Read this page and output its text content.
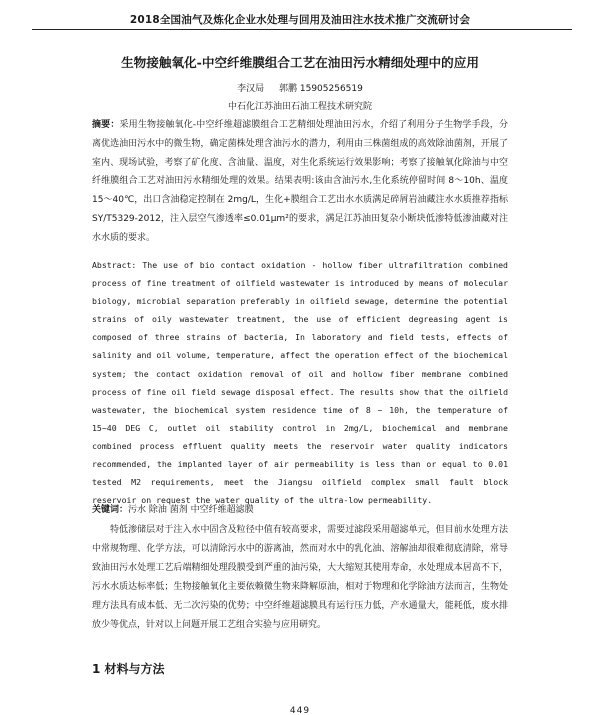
2018全国油气及炼化企业水处理与回用及油田注水技术推广交流研讨会
生物接触氧化-中空纤维膜组合工艺在油田污水精细处理中的应用
李汉局 郭鹏 15905256519
中石化江苏油田石油工程技术研究院
摘要：采用生物接触氧化-中空纤维超滤膜组合工艺精细处理油田污水，介绍了利用分子生物学手段，分离优选油田污水中的微生物，确定菌株处理含油污水的潜力，利用由三株菌组成的高效除油菌剂，开展了室内、现场试验，考察了矿化度、含油量、温度，对生化系统运行效果影响；考察了接触氧化除油与中空纤维膜组合工艺对油田污水精细处理的效果。结果表明:该由含油污水,生化系统停留时间 8～10h、温度 15～40℃，出口含油稳定控制在 2mg/L，生化+膜组合工艺出水水质满足碎屑岩油藏注水水质推荐指标 SY/T5329-2012，注入层空气渗透率≤0.01μm²的要求，满足江苏油田复杂小断块低渗特低渗油藏对注水水质的要求。
Abstract: The use of bio contact oxidation - hollow fiber ultrafiltration combined process of fine treatment of oilfield wastewater is introduced by means of molecular biology, microbial separation preferably in oilfield sewage, determine the potential strains of oily wastewater treatment, the use of efficient degreasing agent is composed of three strains of bacteria, In laboratory and field tests, effects of salinity and oil volume, temperature, affect the operation effect of the biochemical system; the contact oxidation removal of oil and hollow fiber membrane combined process of fine oil field sewage disposal effect. The results show that the oilfield wastewater, the biochemical system residence time of 8 ~ 10h, the temperature of 15~40 DEG C, outlet oil stability control in 2mg/L, biochemical and membrane combined process effluent quality meets the reservoir water quality indicators recommended, the implanted layer of air permeability is less than or equal to 0.01 tested M2 requirements, meet the Jiangsu oilfield complex small fault block reservoir on request the water quality of the ultra-low permeability.
关键词：污水 除油 菌剂 中空纤维超滤膜
特低渗储层对于注入水中固含及粒径中值有较高要求，需要过滤段采用超滤单元，但目前水处理方法中常规物理、化学方法，可以清除污水中的游离油，然而对水中的乳化油、溶解油却很难彻底清除，常导致油田污水处理工艺后端精细处理段膜受到严重的油污染，大大缩短其使用寿命，水处理成本居高不下，污水水质达标率低；生物接触氧化主要依赖微生物来降解原油，相对于物理和化学除油方法而言，生物处理方法具有成本低、无二次污染的优势；中空纤维超滤膜具有运行压力低，产水通量大，能耗低，废水排放少等优点，针对以上问题开展工艺组合实验与应用研究。
1 材料与方法
449
